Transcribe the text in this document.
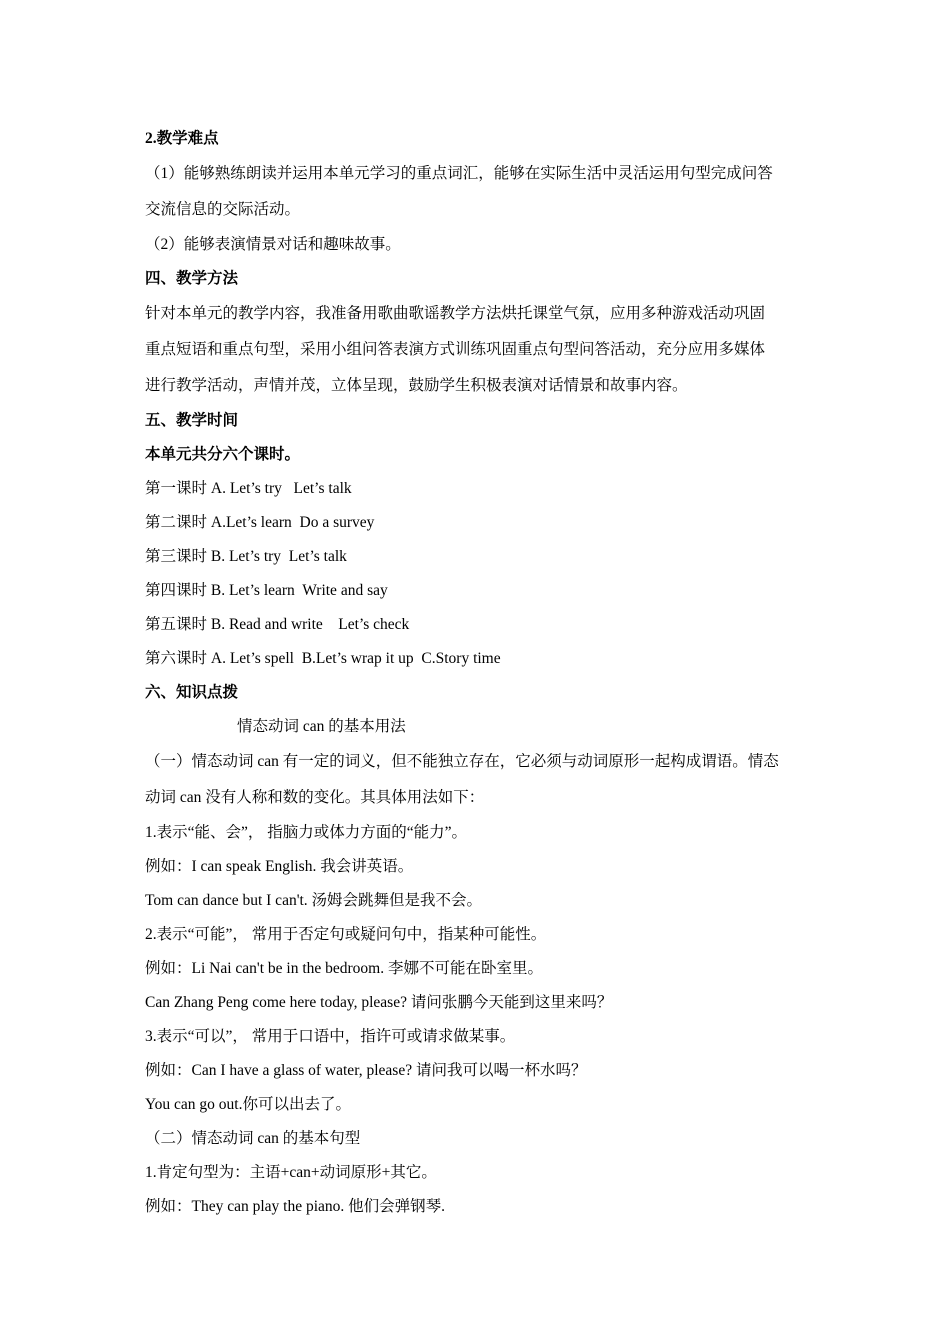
2.教学难点
（1）能够熟练朗读并运用本单元学习的重点词汇，能够在实际生活中灵活运用句型完成问答
交流信息的交际活动。
（2）能够表演情景对话和趣味故事。
四、教学方法
针对本单元的教学内容，我准备用歌曲歌谣教学方法烘托课堂气氛，应用多种游戏活动巩固
重点短语和重点句型，采用小组问答表演方式训练巩固重点句型问答活动，充分应用多媒体
进行教学活动，声情并茂，立体呈现，鼓励学生积极表演对话情景和故事内容。
五、教学时间
本单元共分六个课时。
第一课时 A. Let’s try   Let’s talk
第二课时 A.Let’s learn  Do a survey
第三课时 B. Let’s try  Let’s talk
第四课时 B. Let’s learn  Write and say
第五课时 B. Read and write    Let’s check
第六课时 A. Let’s spell  B.Let’s wrap it up  C.Story time
六、知识点拨
情态动词 can 的基本用法
（一）情态动词 can 有一定的词义，但不能独立存在，它必须与动词原形一起构成谓语。情态
动词 can 没有人称和数的变化。其具体用法如下：
1.表示“能、会”， 指脑力或体力方面的“能力”。
例如：I can speak English. 我会讲英语。
Tom can dance but I can't. 汤姆会跳舞但是我不会。
2.表示“可能”， 常用于否定句或疑问句中，指某种可能性。
例如：Li Nai can't be in the bedroom. 李娜不可能在卧室里。
Can Zhang Peng come here today, please? 请问张鹏今天能到这里来吗？
3.表示“可以”， 常用于口语中，指许可或请求做某事。
例如：Can I have a glass of water, please? 请问我可以喝一杯水吗？
You can go out.你可以出去了。
（二）情态动词 can 的基本句型
1.肯定句型为：主语+can+动词原形+其它。
例如：They can play the piano. 他们会弹钢琴.
